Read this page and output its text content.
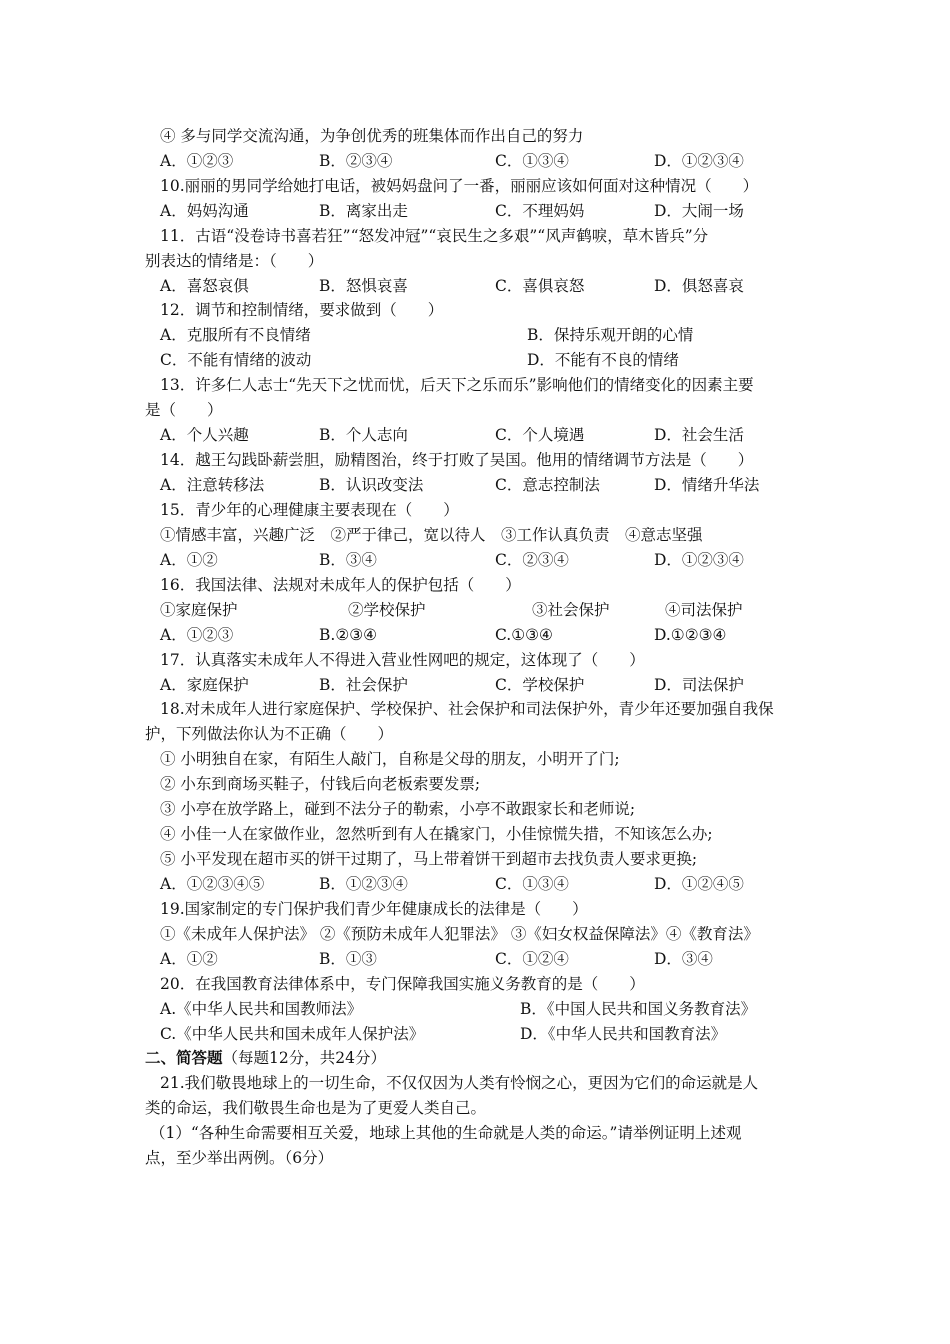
④ 多与同学交流沟通，为争创优秀的班集体而作出自己的努力
A．①②③	B．②③④	C．①③④	D．①②③④
10.丽丽的男同学给她打电话，被妈妈盘问了一番，丽丽应该如何面对这种情况（　　）
A．妈妈沟通	B．离家出走	C．不理妈妈	D．大闹一场
11．古语“没卷诗书喜若狂”“怒发冲冠”“哀民生之多艰”“风声鹤唳，草木皆兵”分
别表达的情绪是：（　　）
A．喜怒哀俱	B．怒惧哀喜	C．喜俱哀怒	D．俱怒喜哀
12．调节和控制情绪，要求做到（　　）
A．克服所有不良情绪	B．保持乐观开朗的心情
C．不能有情绪的波动	D．不能有不良的情绪
13．许多仁人志士“先天下之忧而忧，后天下之乐而乐”影响他们的情绪变化的因素主要
是（　　）
A．个人兴趣	B．个人志向	C．个人境遇	D．社会生活
14．越王勾践卧薪尝胆，励精图治，终于打败了吴国。他用的情绪调节方法是（　　）
A．注意转移法	B．认识改变法	C．意志控制法	D．情绪升华法
15．青少年的心理健康主要表现在（　　）
①情感丰富，兴趣广泛　②严于律己，宽以待人　③工作认真负责　④意志坚强
A．①②	B．③④	C．②③④	D．①②③④
16．我国法律、法规对未成年人的保护包括（　　）
①家庭保护	②学校保护	③社会保护	④司法保护
A．①②③	B.②③④	C.①③④	D.①②③④
17．认真落实未成年人不得进入营业性网吧的规定，这体现了（　　）
A．家庭保护	B．社会保护	C．学校保护	D．司法保护
18.对未成年人进行家庭保护、学校保护、社会保护和司法保护外，青少年还要加强自我保
护，下列做法你认为不正确（　　）
① 小明独自在家，有陌生人敲门，自称是父母的朋友，小明开了门;
② 小东到商场买鞋子，付钱后向老板索要发票;
③ 小亭在放学路上，碰到不法分子的勒索，小亭不敢跟家长和老师说;
④ 小佳一人在家做作业，忽然听到有人在撬家门，小佳惊慌失措，不知该怎么办;
⑤ 小平发现在超市买的饼干过期了，马上带着饼干到超市去找负责人要求更换;
A．①②③④⑤	B．①②③④	C．①③④	D．①②④⑤
19.国家制定的专门保护我们青少年健康成长的法律是（　　）
①《未成年人保护法》 ②《预防未成年人犯罪法》 ③《妇女权益保障法》④《教育法》
A．①②	B．①③	C．①②④	D．③④
20．在我国教育法律体系中，专门保障我国实施义务教育的是（　　）
A.《中华人民共和国教师法》	B．《中国人民共和国义务教育法》
C.《中华人民共和国未成年人保护法》	D．《中华人民共和国教育法》
二、简答题（每题12分，共24分）
21.我们敬畏地球上的一切生命，不仅仅因为人类有怜悯之心，更因为它们的命运就是人
类的命运，我们敬畏生命也是为了更爱人类自己。
（1）“各种生命需要相互关爱，地球上其他的生命就是人类的命运。”请举例证明上述观
点，至少举出两例。（6分）
